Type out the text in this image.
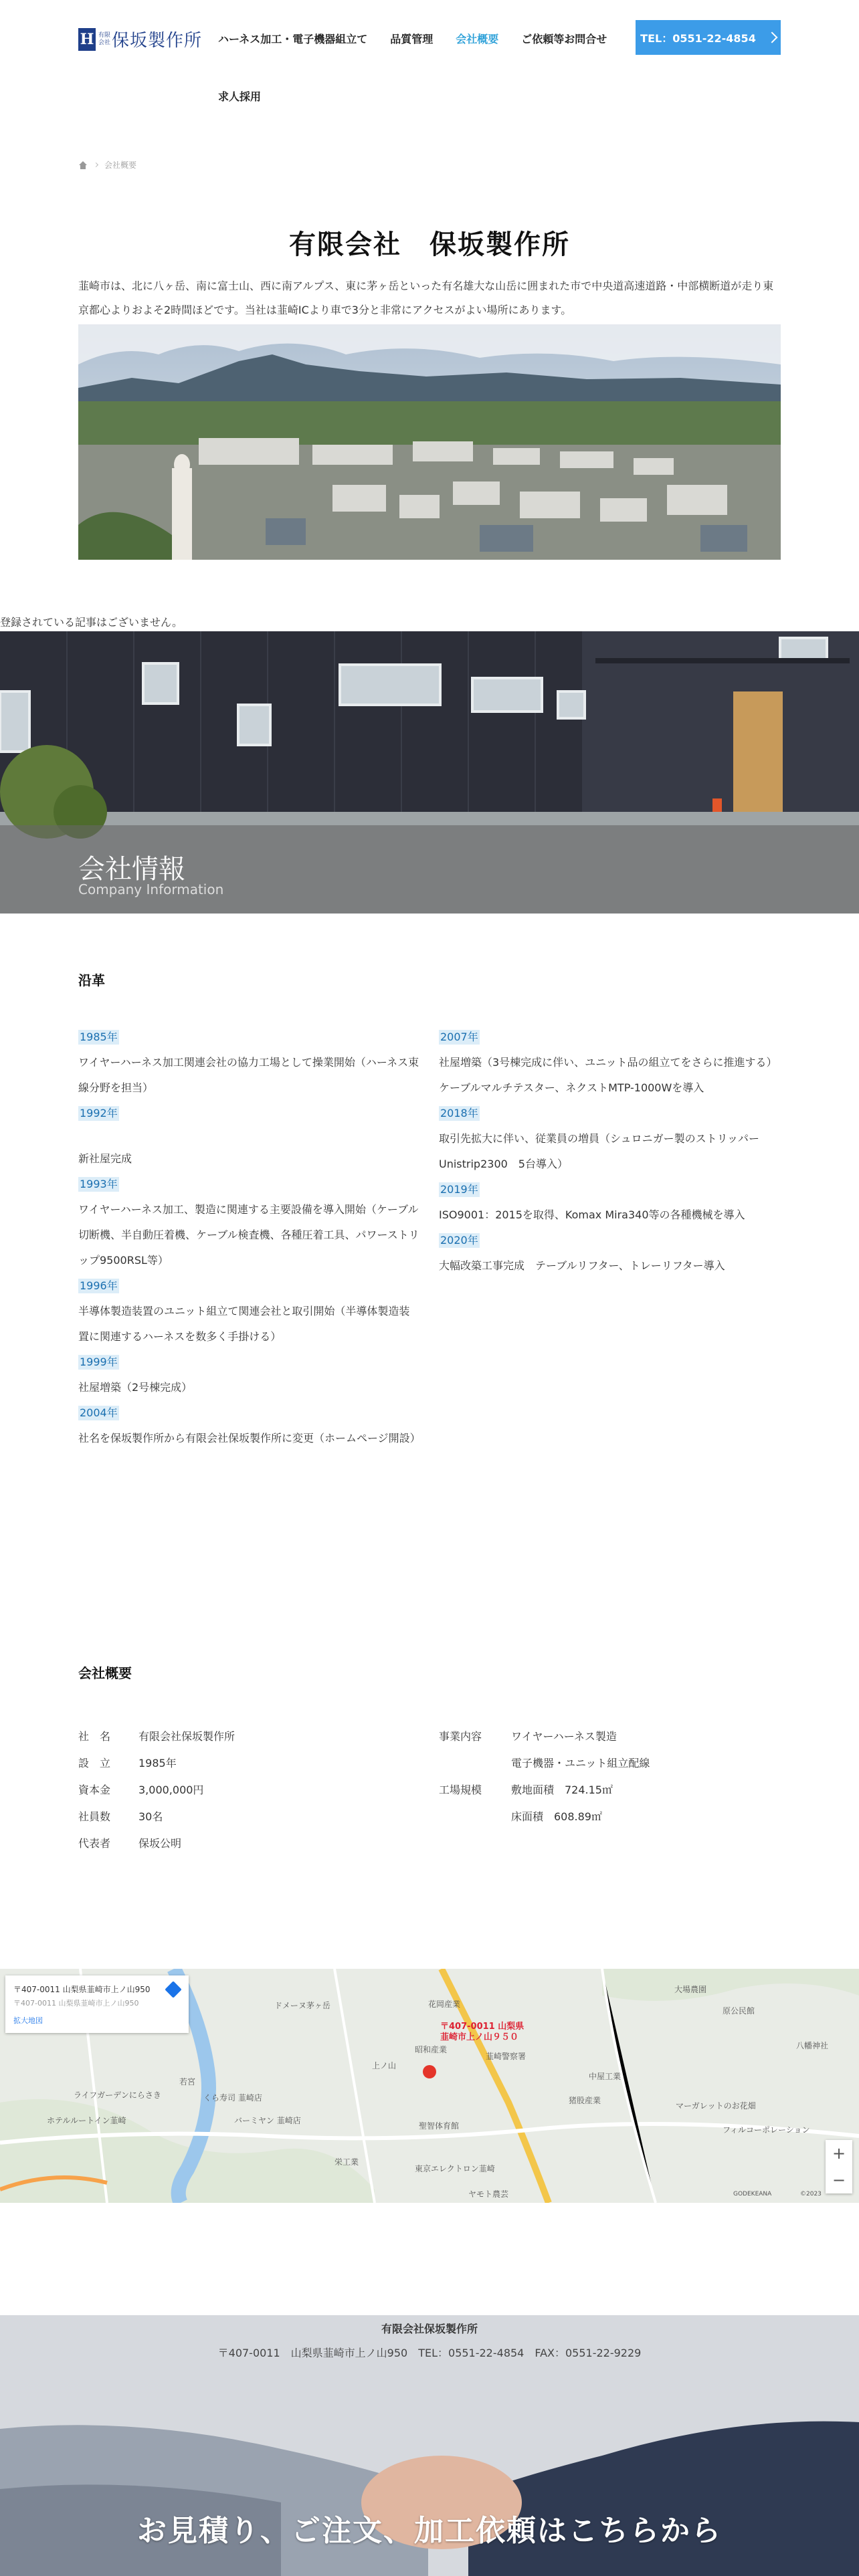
H 有限会社 保坂製作所 ハーネス加工・電子機器組立て 品質管理 会社概要 ご依頼等お問合せ
求人採用
TEL：0551-22-4854
会社概要
有限会社　保坂製作所
韮崎市は、北に八ヶ岳、南に富士山、西に南アルプス、東に茅ヶ岳といった有名雄大な山岳に囲まれた市で中央道高速道路・中部横断道が走り東京都心よりおよそ2時間ほどです。当社は韮崎ICより車で3分と非常にアクセスがよい場所にあります。
登録されている記事はございません。
会社情報
Company Information
沿革
1985年
ワイヤーハーネス加工関連会社の協力工場として操業開始（ハーネス束線分野を担当）
1992年
新社屋完成
1993年
ワイヤーハーネス加工、製造に関連する主要設備を導入開始（ケーブル切断機、半自動圧着機、ケーブル検査機、各種圧着工具、パワーストリップ9500RSL等）
1996年
半導体製造装置のユニット組立て関連会社と取引開始（半導体製造装置に関連するハーネスを数多く手掛ける）
1999年
社屋増築（2号棟完成）
2004年
社名を保坂製作所から有限会社保坂製作所に変更（ホームページ開設）
2007年
社屋増築（3号棟完成に伴い、ユニット品の組立てをさらに推進する）ケーブルマルチテスター、ネクストMTP-1000Wを導入
2018年
取引先拡大に伴い、従業員の増員（シュロニガー製のストリッパーUnistrip2300　5台導入）
2019年
ISO9001：2015を取得、Komax Mira340等の各種機械を導入
2020年
大幅改築工事完成　テーブルリフター、トレーリフター導入
会社概要
社　名	有限会社保坂製作所
設　立	1985年
資本金	3,000,000円
社員数	30名
代表者	保坂公明
事業内容	ワイヤーハーネス製造
電子機器・ユニット組立配線
工場規模	敷地面積　724.15㎡
床面積　608.89㎡
〒407-0011 山梨県韮崎市上ノ山950
〒407-0011 山梨県韮崎市上ノ山950
拡大地図
ドメーヌ茅ヶ岳	花岡産業
大場農園
原公民館
八幡神社
上ノ山
昭和産業
韮崎警察署
若宮
ライフガーデンにらさき	くら寿司 韮崎店
ホテルルートイン韮崎	バーミヤン 韮崎店
中屋工業
猪股産業
マーガレットのお花畑
フィルコーポレーション
聖智体育館
東京エレクトロン韮崎
栄工業
ヤモト農芸	GODEKEANA	©2023
+
−
〒407-0011 山梨県
韮崎市上ノ山９５０
有限会社保坂製作所
〒407-0011　山梨県韮崎市上ノ山950　TEL：0551-22-4854　FAX：0551-22-9229
お見積り、ご注文、加工依頼はこちらから
